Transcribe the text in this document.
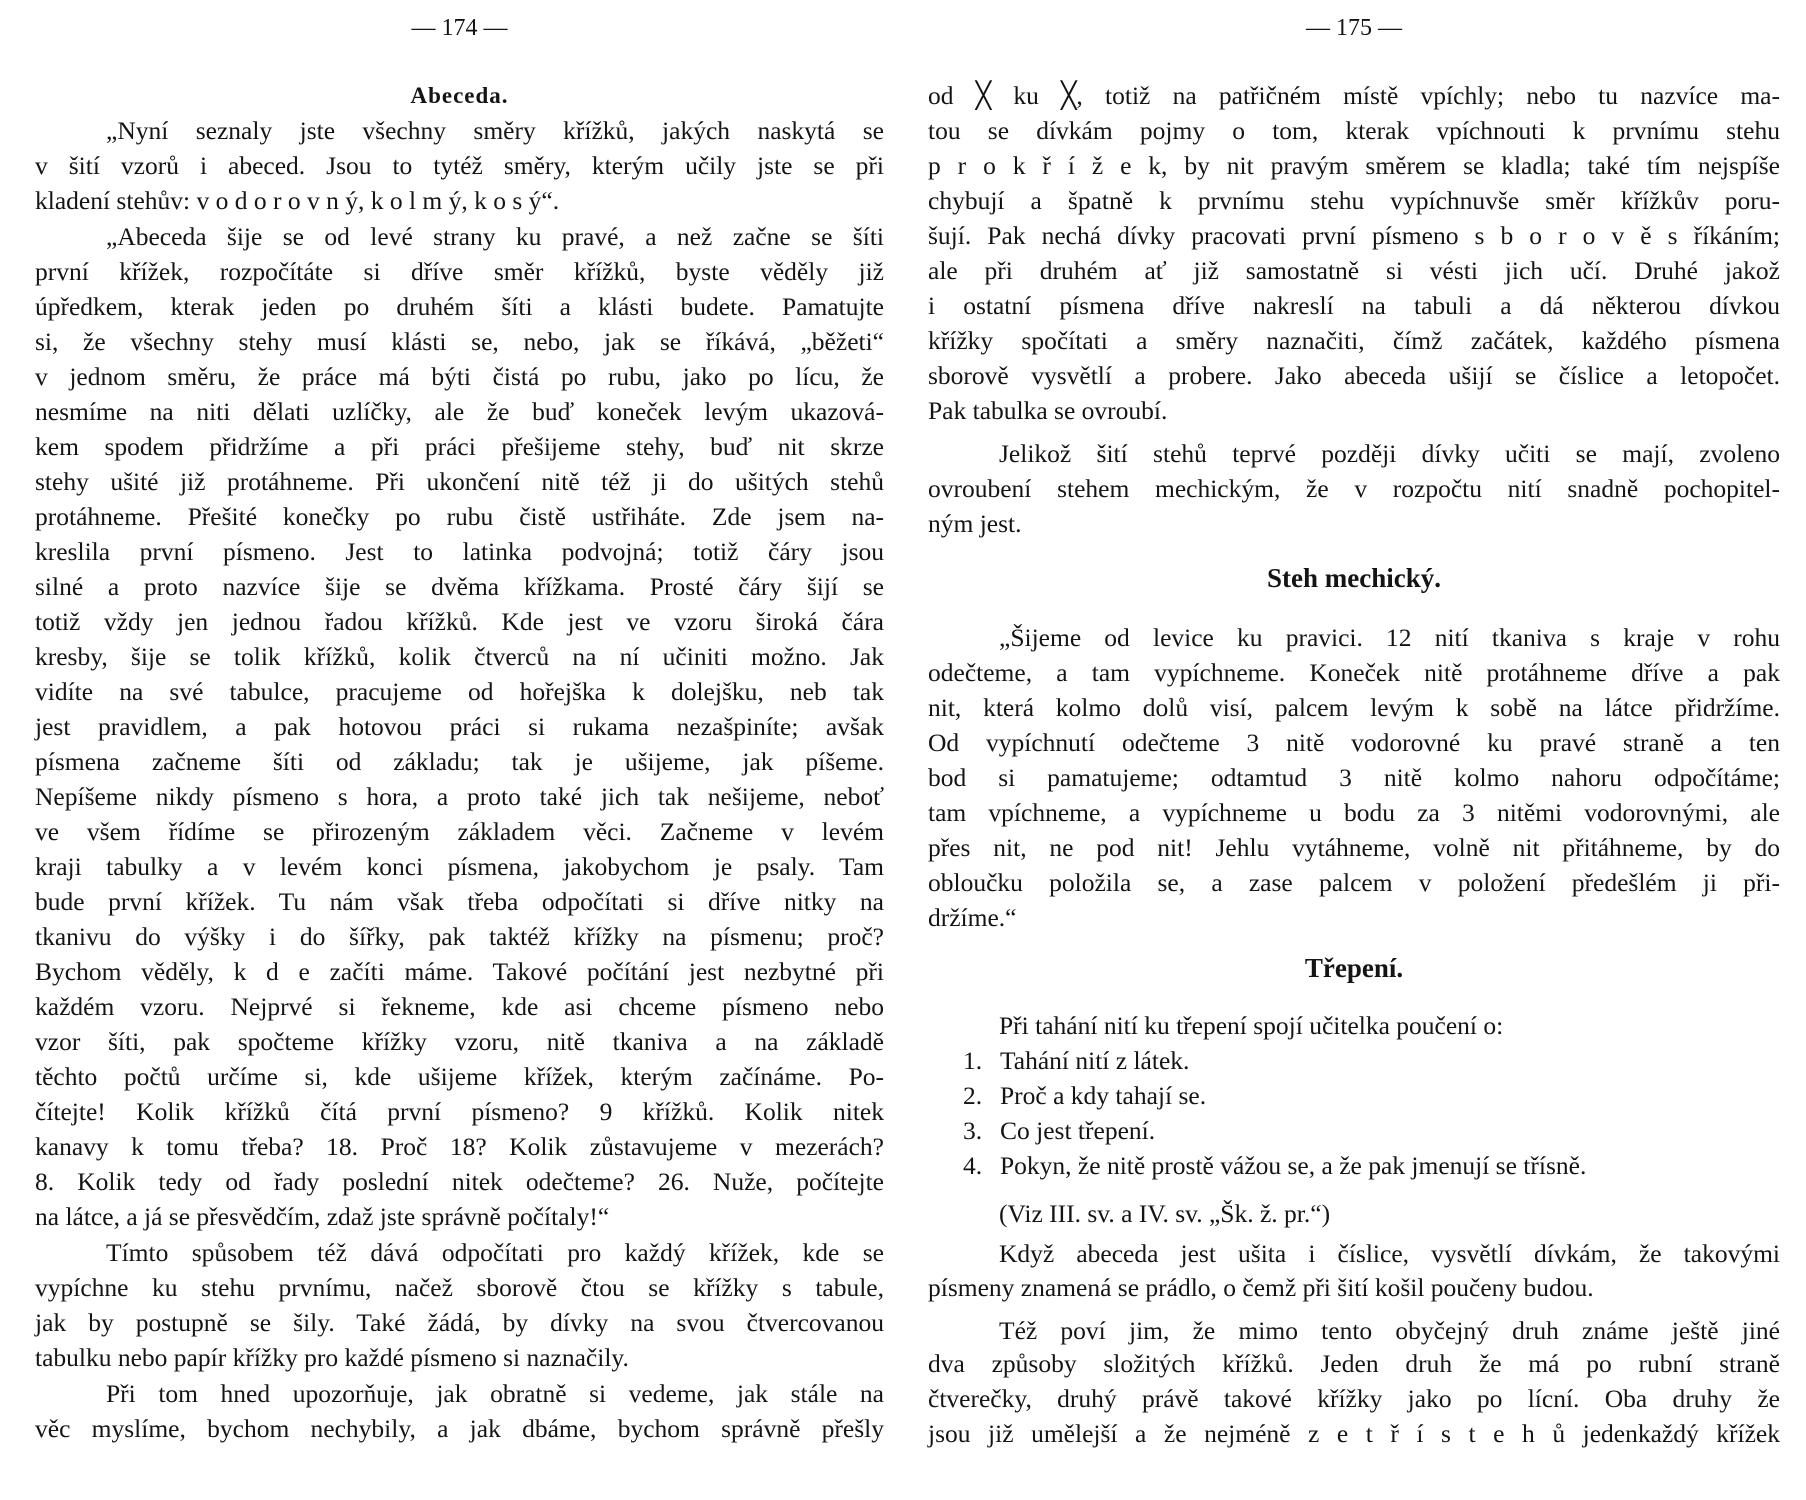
— 174 —
Abeceda.
„Nyní seznaly jste všechny směry křížků, jakých naskytá se
v šití vzorů i abeced. Jsou to tytéž směry, kterým učily jste se při
kladení stehův: v o d o r o v n ý, k o l m ý, k o s ý“.
„Abeceda šije se od levé strany ku pravé, a než začne se šíti
první křížek, rozpočítáte si dříve směr křížků, byste věděly již
úpředkem, kterak jeden po druhém šíti a klásti budete. Pamatujte
si, že všechny stehy musí klásti se, nebo, jak se říkává, „běžeti“
v jednom směru, že práce má býti čistá po rubu, jako po lícu, že
nesmíme na niti dělati uzlíčky, ale že buď koneček levým ukazová-
kem spodem přidržíme a při práci přešijeme stehy, buď nit skrze
stehy ušité již protáhneme. Při ukončení nitě též ji do ušitých stehů
protáhneme. Přešité konečky po rubu čistě ustřiháte. Zde jsem na-
kreslila první písmeno. Jest to latinka podvojná; totiž čáry jsou
silné a proto nazvíce šije se dvěma křížkama. Prosté čáry šijí se
totiž vždy jen jednou řadou křížků. Kde jest ve vzoru široká čára
kresby, šije se tolik křížků, kolik čtverců na ní učiniti možno. Jak
vidíte na své tabulce, pracujeme od hořejška k dolejšku, neb tak
jest pravidlem, a pak hotovou práci si rukama nezašpiníte; avšak
písmena začneme šíti od základu; tak je ušijeme, jak píšeme.
Nepíšeme nikdy písmeno s hora, a proto také jich tak nešijeme, neboť
ve všem řídíme se přirozeným základem věci. Začneme v levém
kraji tabulky a v levém konci písmena, jakobychom je psaly. Tam
bude první křížek. Tu nám však třeba odpočítati si dříve nitky na
tkanivu do výšky i do šířky, pak taktéž křížky na písmenu; proč?
Bychom věděly, k d e začíti máme. Takové počítání jest nezbytné při
každém vzoru. Nejprvé si řekneme, kde asi chceme písmeno nebo
vzor šíti, pak spočteme křížky vzoru, nitě tkaniva a na základě
těchto počtů určíme si, kde ušijeme křížek, kterým začínáme. Po-
čítejte! Kolik křížků čítá první písmeno? 9 křížků. Kolik nitek
kanavy k tomu třeba? 18. Proč 18? Kolik zůstavujeme v mezerách?
8. Kolik tedy od řady poslední nitek odečteme? 26. Nuže, počítejte
na látce, a já se přesvědčím, zdaž jste správně počítaly!“
Tímto spůsobem též dává odpočítati pro každý křížek, kde se
vypíchne ku stehu prvnímu, načež sborově čtou se křížky s tabule,
jak by postupně se šily. Také žádá, by dívky na svou čtvercovanou
tabulku nebo papír křížky pro každé písmeno si naznačily.
Při tom hned upozorňuje, jak obratně si vedeme, jak stále na
věc myslíme, bychom nechybily, a jak dbáme, bychom správně přešly
— 175 —
od ╳ ku ╳, totiž na patřičném místě vpíchly; nebo tu nazvíce ma-
tou se dívkám pojmy o tom, kterak vpíchnouti k prvnímu stehu
p r o k ř í ž e k, by nit pravým směrem se kladla; také tím nejspíše
chybují a špatně k prvnímu stehu vypíchnuvše směr křížkův poru-
šují. Pak nechá dívky pracovati první písmeno s b o r o v ě s říkáním;
ale při druhém ať již samostatně si vésti jich učí. Druhé jakož
i ostatní písmena dříve nakreslí na tabuli a dá některou dívkou
křížky spočítati a směry naznačiti, čímž začátek, každého písmena
sborově vysvětlí a probere. Jako abeceda ušijí se číslice a letopočet.
Pak tabulka se ovroubí.
Jelikož šití stehů teprvé později dívky učiti se mají, zvoleno
ovroubení stehem mechickým, že v rozpočtu nití snadně pochopitel-
ným jest.
Steh mechický.
„Šijeme od levice ku pravici. 12 nití tkaniva s kraje v rohu
odečteme, a tam vypíchneme. Koneček nitě protáhneme dříve a pak
nit, která kolmo dolů visí, palcem levým k sobě na látce přidržíme.
Od vypíchnutí odečteme 3 nitě vodorovné ku pravé straně a ten
bod si pamatujeme; odtamtud 3 nitě kolmo nahoru odpočítáme;
tam vpíchneme, a vypíchneme u bodu za 3 nitěmi vodorovnými, ale
přes nit, ne pod nit! Jehlu vytáhneme, volně nit přitáhneme, by do
obloučku položila se, a zase palcem v položení předešlém ji při-
držíme.“
Třepení.
Při tahání nití ku třepení spojí učitelka poučení o:
1. Tahání nití z látek.
2. Proč a kdy tahají se.
3. Co jest třepení.
4. Pokyn, že nitě prostě vážou se, a že pak jmenují se třísně.
(Viz III. sv. a IV. sv. „Šk. ž. pr.“)
Když abeceda jest ušita i číslice, vysvětlí dívkám, že takovými
písmeny znamená se prádlo, o čemž při šití košil poučeny budou.
Též poví jim, že mimo tento obyčejný druh známe ještě jiné
dva způsoby složitých křížků. Jeden druh že má po rubní straně
čtverečky, druhý právě takové křížky jako po lícní. Oba druhy že
jsou již umělejší a že nejméně z e t ř í s t e h ů jedenkaždý křížek
